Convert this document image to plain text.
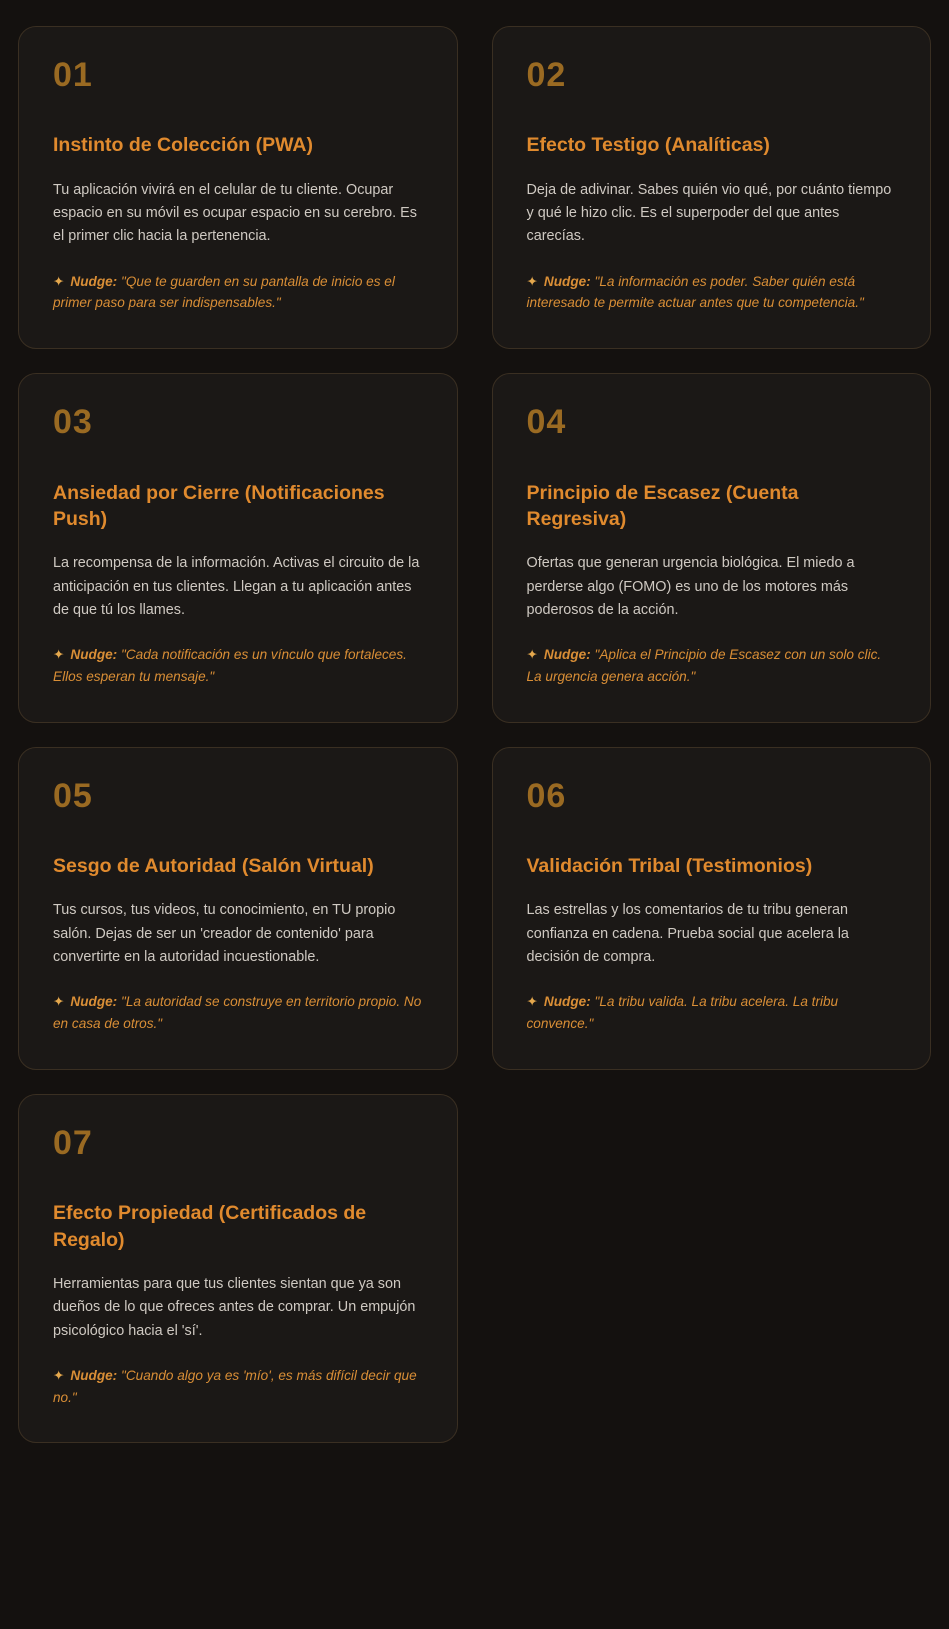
01
Instinto de Colección (PWA)

Tu aplicación vivirá en el celular de tu cliente. Ocupar espacio en su móvil es ocupar espacio en su cerebro. Es el primer clic hacia la pertenencia.

✦ Nudge: "Que te guarden en su pantalla de inicio es el primer paso para ser indispensables."

02
Efecto Testigo (Analíticas)

Deja de adivinar. Sabes quién vio qué, por cuánto tiempo y qué le hizo clic. Es el superpoder del que antes carecías.

✦ Nudge: "La información es poder. Saber quién está interesado te permite actuar antes que tu competencia."

03
Ansiedad por Cierre (Notificaciones Push)

La recompensa de la información. Activas el circuito de la anticipación en tus clientes. Llegan a tu aplicación antes de que tú los llames.

✦ Nudge: "Cada notificación es un vínculo que fortaleces. Ellos esperan tu mensaje."

04
Principio de Escasez (Cuenta Regresiva)

Ofertas que generan urgencia biológica. El miedo a perderse algo (FOMO) es uno de los motores más poderosos de la acción.

✦ Nudge: "Aplica el Principio de Escasez con un solo clic. La urgencia genera acción."

05
Sesgo de Autoridad (Salón Virtual)

Tus cursos, tus videos, tu conocimiento, en TU propio salón. Dejas de ser un 'creador de contenido' para convertirte en la autoridad incuestionable.

✦ Nudge: "La autoridad se construye en territorio propio. No en casa de otros."

06
Validación Tribal (Testimonios)

Las estrellas y los comentarios de tu tribu generan confianza en cadena. Prueba social que acelera la decisión de compra.

✦ Nudge: "La tribu valida. La tribu acelera. La tribu convence."

07
Efecto Propiedad (Certificados de Regalo)

Herramientas para que tus clientes sientan que ya son dueños de lo que ofreces antes de comprar. Un empujón psicológico hacia el 'sí'.

✦ Nudge: "Cuando algo ya es 'mío', es más difícil decir que no."
